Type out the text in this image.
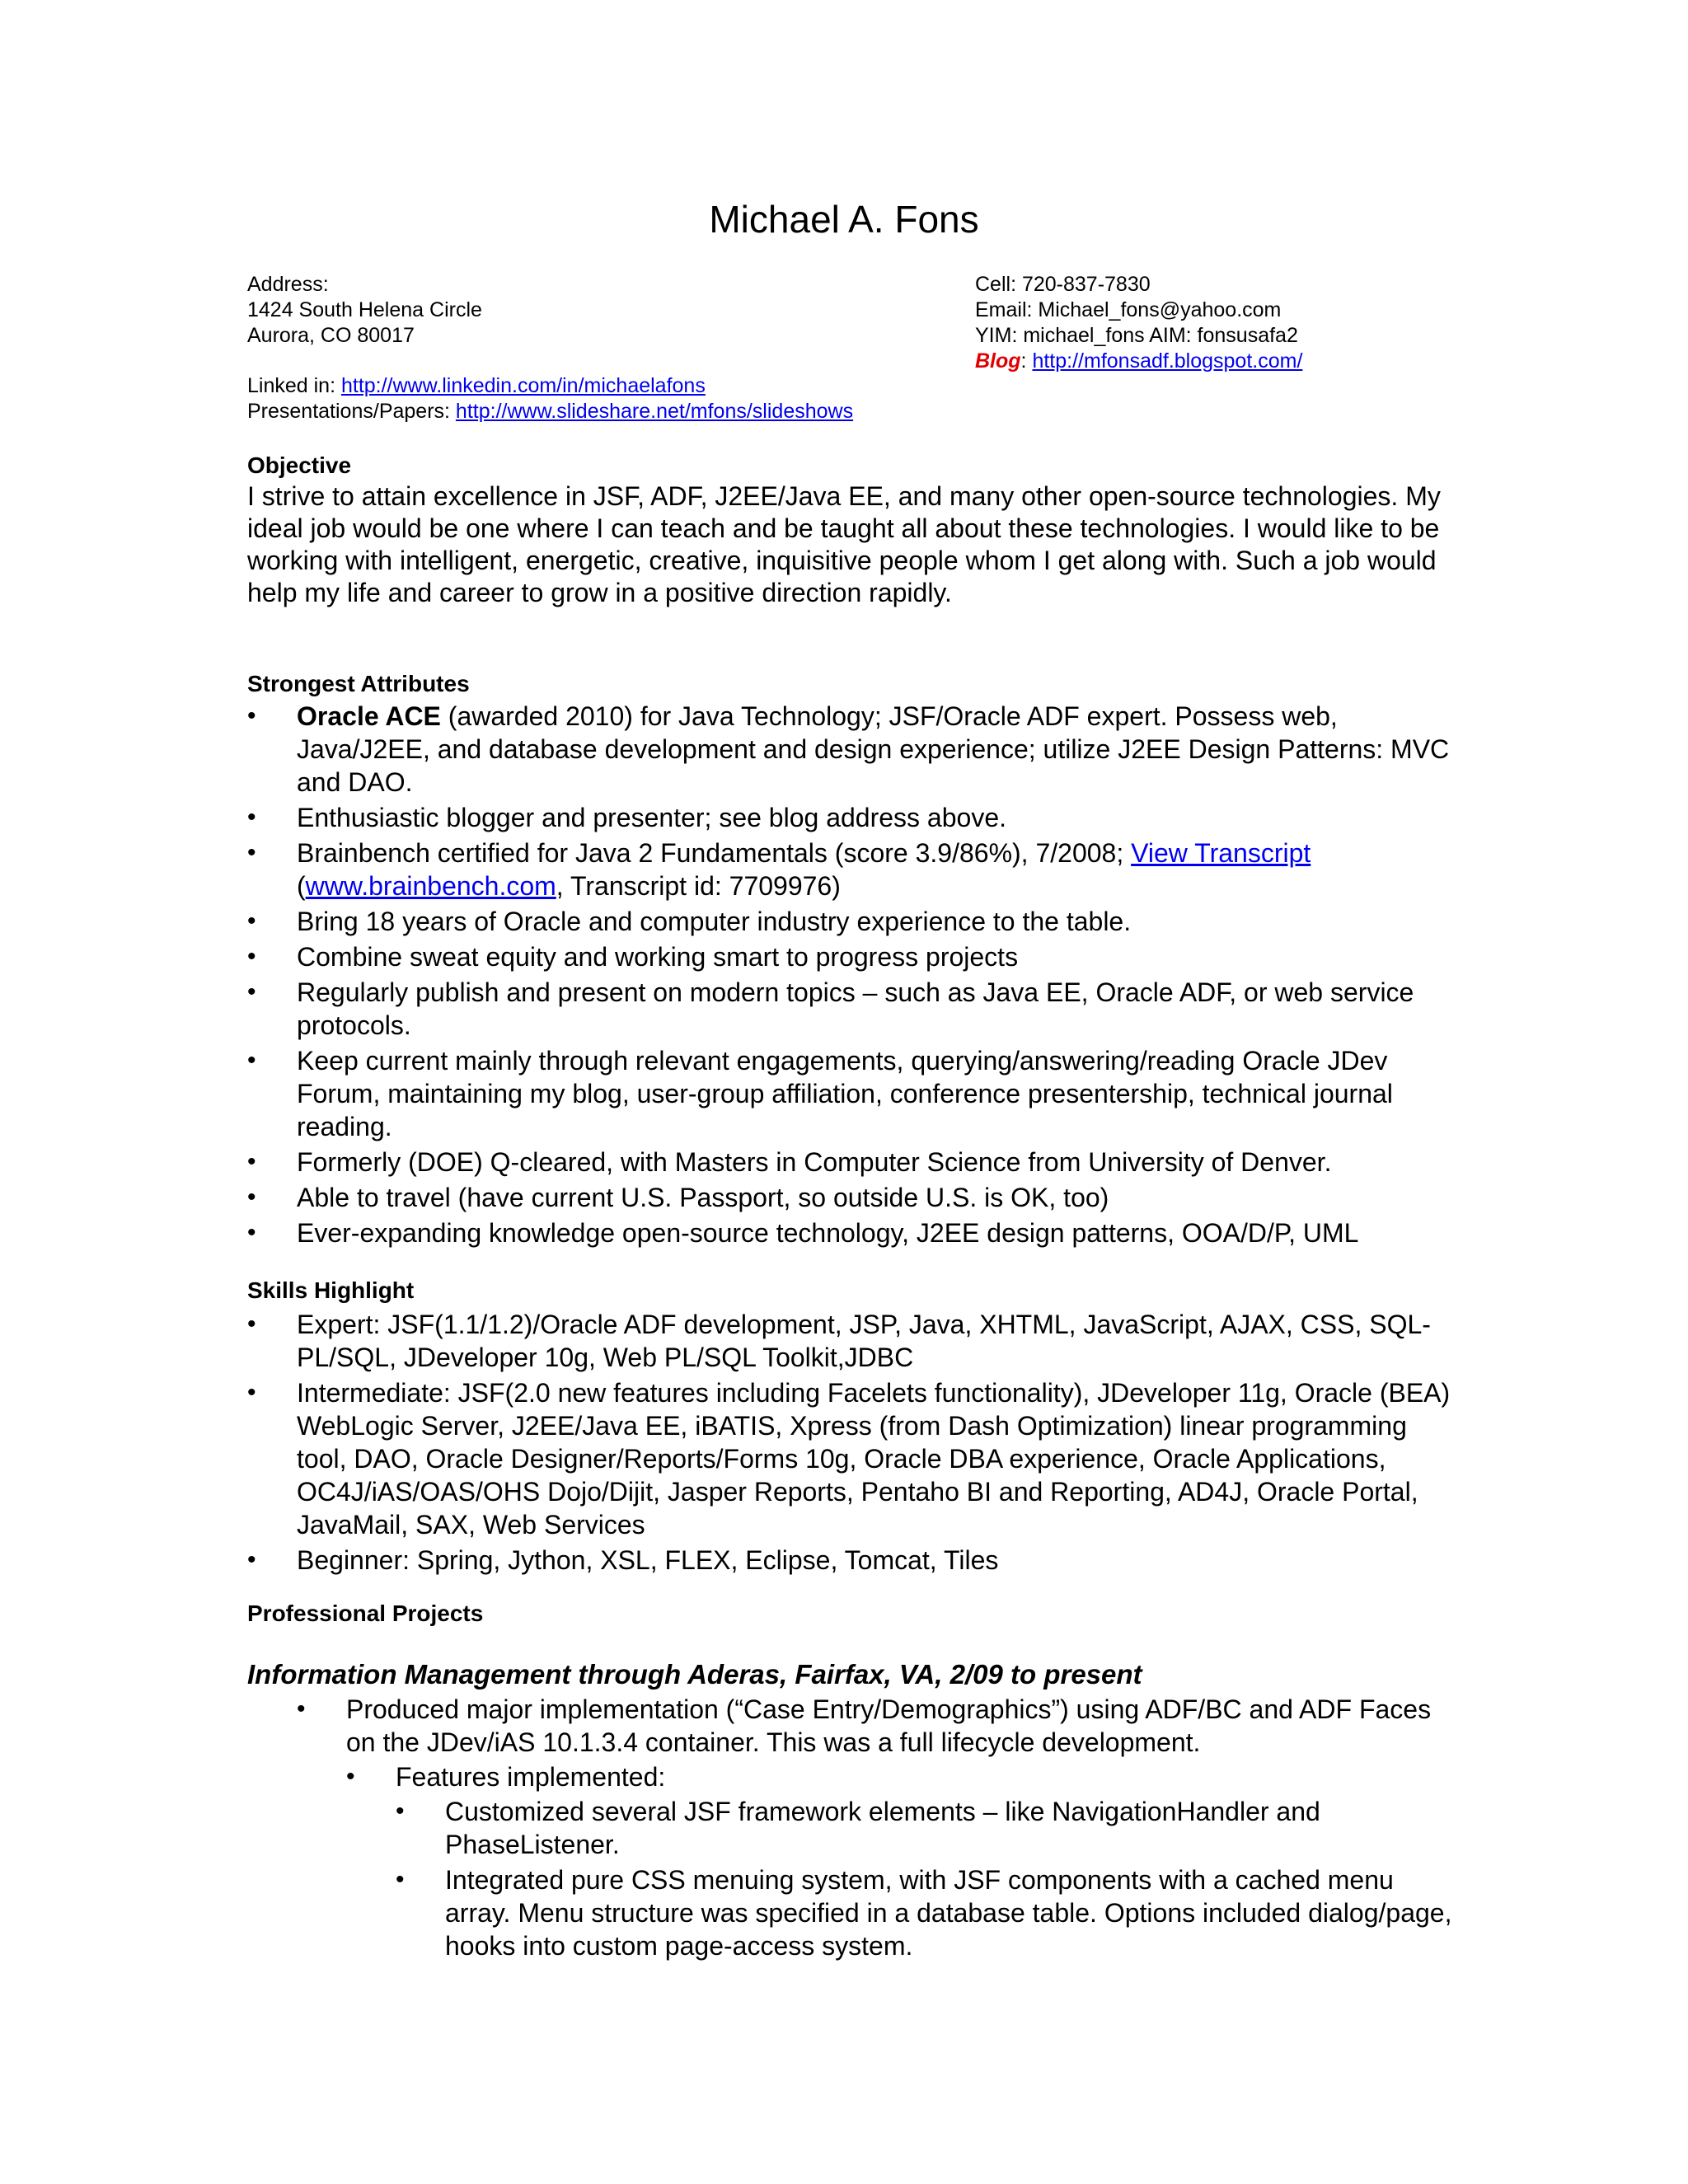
Michael A. Fons
Address:
1424 South Helena Circle
Aurora, CO 80017
Cell: 720-837-7830
Email: Michael_fons@yahoo.com
YIM: michael_fons AIM: fonsusafa2
Blog: http://mfonsadf.blogspot.com/
Linked in: http://www.linkedin.com/in/michaelafons
Presentations/Papers: http://www.slideshare.net/mfons/slideshows
Objective
I strive to attain excellence in JSF, ADF, J2EE/Java EE, and many other open-source technologies. My ideal job would be one where I can teach and be taught all about these technologies. I would like to be working with intelligent, energetic, creative, inquisitive people whom I get along with. Such a job would help my life and career to grow in a positive direction rapidly.
Strongest Attributes
• Oracle ACE (awarded 2010) for Java Technology; JSF/Oracle ADF expert. Possess web, Java/J2EE, and database development and design experience; utilize J2EE Design Patterns: MVC and DAO.
• Enthusiastic blogger and presenter; see blog address above.
• Brainbench certified for Java 2 Fundamentals (score 3.9/86%), 7/2008; View Transcript (www.brainbench.com, Transcript id: 7709976)
• Bring 18 years of Oracle and computer industry experience to the table.
• Combine sweat equity and working smart to progress projects
• Regularly publish and present on modern topics – such as Java EE, Oracle ADF, or web service protocols.
• Keep current mainly through relevant engagements, querying/answering/reading Oracle JDev Forum, maintaining my blog, user-group affiliation, conference presentership, technical journal reading.
• Formerly (DOE) Q-cleared, with Masters in Computer Science from University of Denver.
• Able to travel (have current U.S. Passport, so outside U.S. is OK, too)
• Ever-expanding knowledge open-source technology, J2EE design patterns, OOA/D/P, UML
Skills Highlight
• Expert: JSF(1.1/1.2)/Oracle ADF development, JSP, Java, XHTML, JavaScript, AJAX, CSS, SQL-PL/SQL, JDeveloper 10g, Web PL/SQL Toolkit,JDBC
• Intermediate: JSF(2.0 new features including Facelets functionality), JDeveloper 11g, Oracle (BEA) WebLogic Server, J2EE/Java EE, iBATIS, Xpress (from Dash Optimization) linear programming tool, DAO, Oracle Designer/Reports/Forms 10g, Oracle DBA experience, Oracle Applications, OC4J/iAS/OAS/OHS Dojo/Dijit, Jasper Reports, Pentaho BI and Reporting, AD4J, Oracle Portal, JavaMail, SAX, Web Services
• Beginner: Spring, Jython, XSL, FLEX, Eclipse, Tomcat, Tiles
Professional Projects
Information Management through Aderas, Fairfax, VA, 2/09 to present
• Produced major implementation (“Case Entry/Demographics”) using ADF/BC and ADF Faces on the JDev/iAS 10.1.3.4 container. This was a full lifecycle development.
• Features implemented:
• Customized several JSF framework elements – like NavigationHandler and PhaseListener.
• Integrated pure CSS menuing system, with JSF components with a cached menu array. Menu structure was specified in a database table. Options included dialog/page, hooks into custom page-access system.
